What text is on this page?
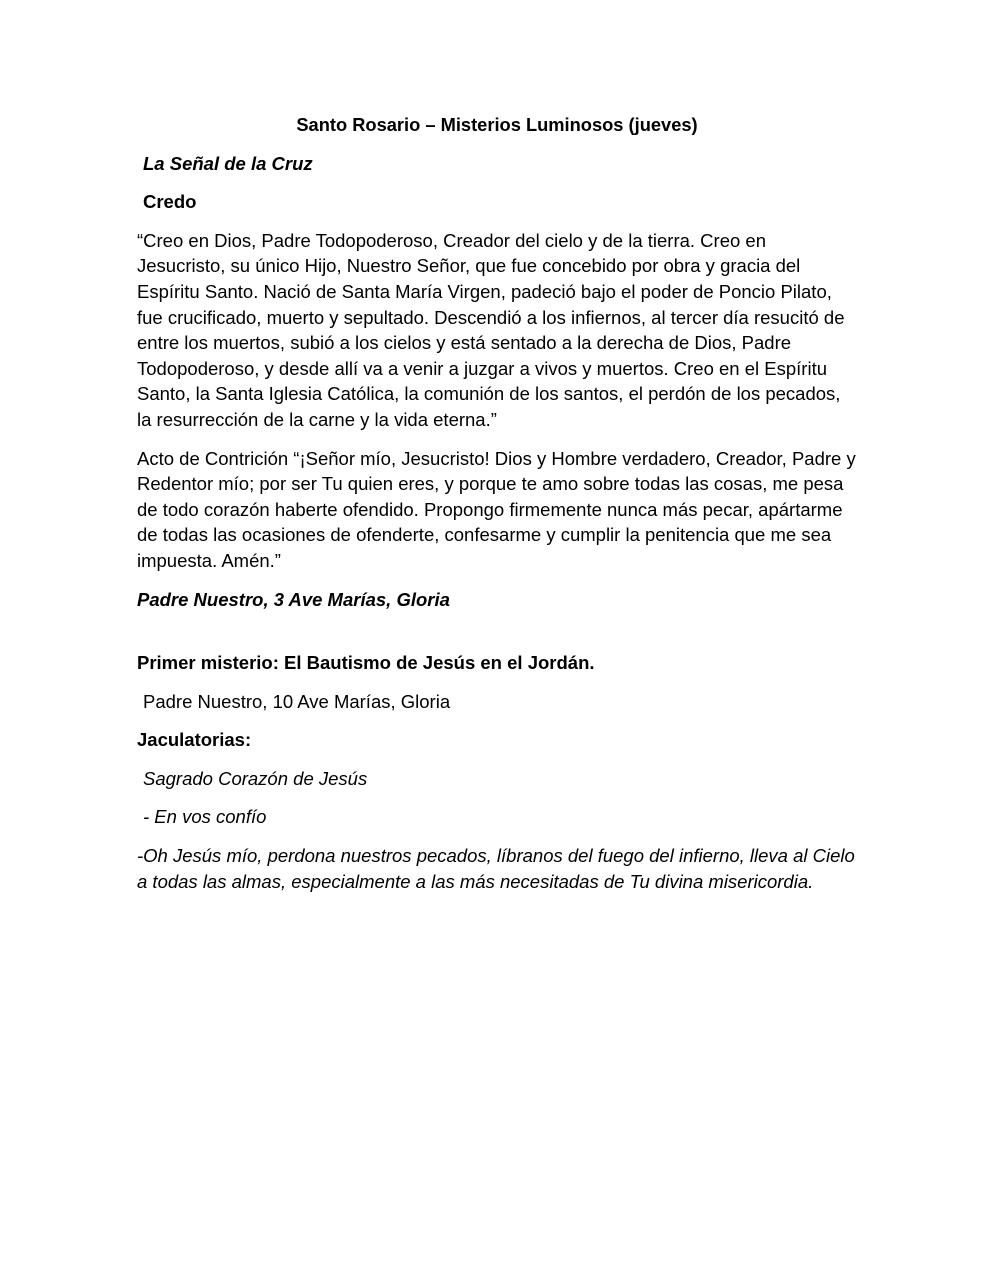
Santo Rosario – Misterios Luminosos (jueves)

La Señal de la Cruz

Credo

“Creo en Dios, Padre Todopoderoso, Creador del cielo y de la tierra. Creo en Jesucristo, su único Hijo, Nuestro Señor, que fue concebido por obra y gracia del Espíritu Santo. Nació de Santa María Virgen, padeció bajo el poder de Poncio Pilato, fue crucificado, muerto y sepultado. Descendió a los infiernos, al tercer día resucitó de entre los muertos, subió a los cielos y está sentado a la derecha de Dios, Padre Todopoderoso, y desde allí va a venir a juzgar a vivos y muertos. Creo en el Espíritu Santo, la Santa Iglesia Católica, la comunión de los santos, el perdón de los pecados, la resurrección de la carne y la vida eterna.”

Acto de Contrición “¡Señor mío, Jesucristo! Dios y Hombre verdadero, Creador, Padre y Redentor mío; por ser Tu quien eres, y porque te amo sobre todas las cosas, me pesa de todo corazón haberte ofendido. Propongo firmemente nunca más pecar, apártarme de todas las ocasiones de ofenderte, confesarme y cumplir la penitencia que me sea impuesta. Amén.”

Padre Nuestro, 3 Ave Marías, Gloria

Primer misterio: El Bautismo de Jesús en el Jordán.

Padre Nuestro, 10 Ave Marías, Gloria

Jaculatorias:

Sagrado Corazón de Jesús

- En vos confío

-Oh Jesús mío, perdona nuestros pecados, líbranos del fuego del infierno, lleva al Cielo a todas las almas, especialmente a las más necesitadas de Tu divina misericordia.
